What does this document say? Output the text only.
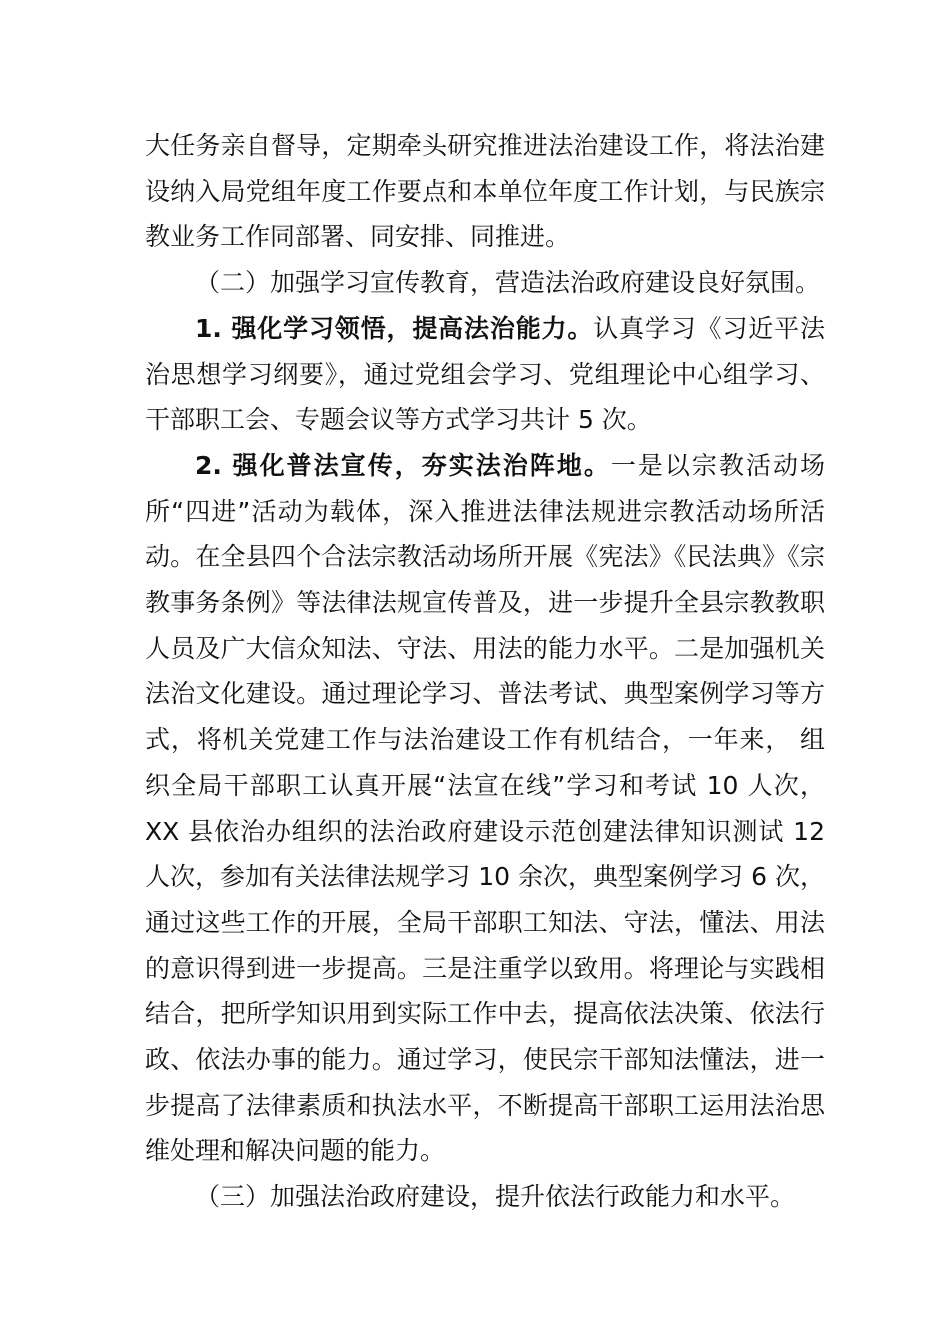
大任务亲自督导，定期牵头研究推进法治建设工作，将法治建设纳入局党组年度工作要点和本单位年度工作计划，与民族宗教业务工作同部署、同安排、同推进。

（二）加强学习宣传教育，营造法治政府建设良好氛围。

1. 强化学习领悟，提高法治能力。认真学习《习近平法治思想学习纲要》，通过党组会学习、党组理论中心组学习、干部职工会、专题会议等方式学习共计 5 次。

2. 强化普法宣传，夯实法治阵地。一是以宗教活动场所“四进”活动为载体，深入推进法律法规进宗教活动场所活动。在全县四个合法宗教活动场所开展《宪法》《民法典》《宗教事务条例》等法律法规宣传普及，进一步提升全县宗教教职人员及广大信众知法、守法、用法的能力水平。二是加强机关法治文化建设。通过理论学习、普法考试、典型案例学习等方式，将机关党建工作与法治建设工作有机结合，一年来， 组织全局干部职工认真开展“法宣在线”学习和考试 10 人次， XX 县依治办组织的法治政府建设示范创建法律知识测试 12 人次，参加有关法律法规学习 10 余次，典型案例学习 6 次，通过这些工作的开展，全局干部职工知法、守法，懂法、用法的意识得到进一步提高。三是注重学以致用。将理论与实践相结合，把所学知识用到实际工作中去，提高依法决策、依法行政、依法办事的能力。通过学习，使民宗干部知法懂法，进一步提高了法律素质和执法水平，不断提高干部职工运用法治思维处理和解决问题的能力。

（三）加强法治政府建设，提升依法行政能力和水平。
